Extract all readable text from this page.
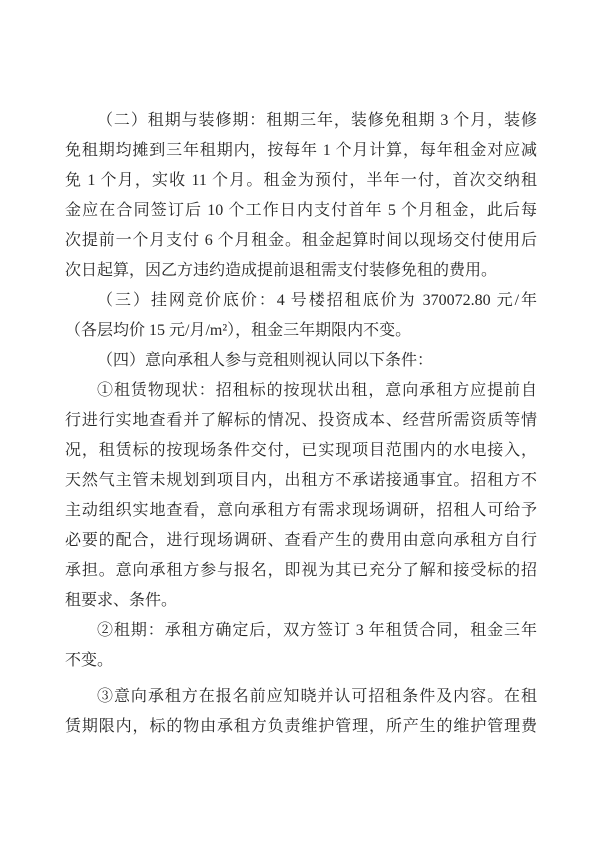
（二）租期与装修期：租期三年，装修免租期 3 个月，装修
免租期均摊到三年租期内，按每年 1 个月计算，每年租金对应减
免 1 个月，实收 11 个月。租金为预付，半年一付，首次交纳租
金应在合同签订后 10 个工作日内支付首年 5 个月租金，此后每
次提前一个月支付 6 个月租金。租金起算时间以现场交付使用后
次日起算，因乙方违约造成提前退租需支付装修免租的费用。
（三）挂网竞价底价：4 号楼招租底价为 370072.80 元/年
（各层均价 15 元/月/m²），租金三年期限内不变。
（四）意向承租人参与竞租则视认同以下条件：
①租赁物现状：招租标的按现状出租，意向承租方应提前自
行进行实地查看并了解标的情况、投资成本、经营所需资质等情
况，租赁标的按现场条件交付，已实现项目范围内的水电接入，
天然气主管未规划到项目内，出租方不承诺接通事宜。招租方不
主动组织实地查看，意向承租方有需求现场调研，招租人可给予
必要的配合，进行现场调研、查看产生的费用由意向承租方自行
承担。意向承租方参与报名，即视为其已充分了解和接受标的招
租要求、条件。
②租期：承租方确定后，双方签订 3 年租赁合同，租金三年
不变。
③意向承租方在报名前应知晓并认可招租条件及内容。在租
赁期限内，标的物由承租方负责维护管理，所产生的维护管理费
